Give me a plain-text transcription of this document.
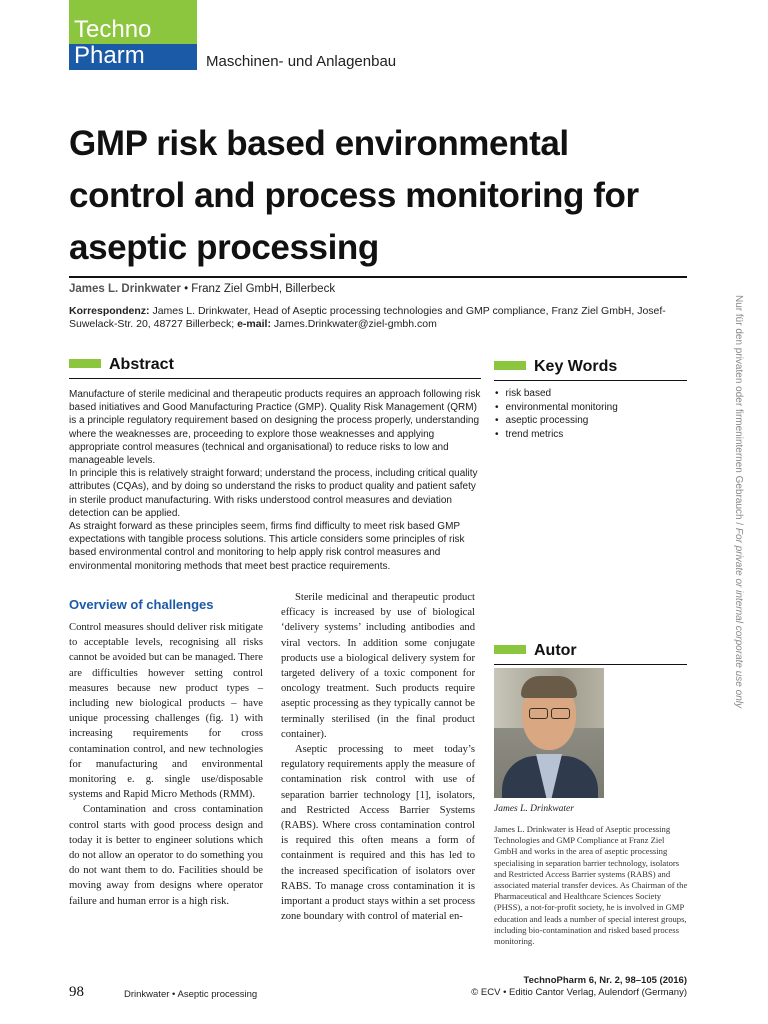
Techno
Pharm	Maschinen- und Anlagenbau
GMP risk based environmental control and process monitoring for aseptic processing
James L. Drinkwater • Franz Ziel GmbH, Billerbeck
Korrespondenz: James L. Drinkwater, Head of Aseptic processing technologies and GMP compliance, Franz Ziel GmbH, Josef-Suwelack-Str. 20, 48727 Billerbeck; e-mail: James.Drinkwater@ziel-gmbh.com
Abstract

Manufacture of sterile medicinal and therapeutic products requires an approach following risk based initiatives and Good Manufacturing Practice (GMP). Quality Risk Management (QRM) is a principle regulatory requirement based on designing the process properly, understanding where the weaknesses are, proceeding to explore those weaknesses and applying appropriate control measures (technical and organisational) to reduce risks to low and manageable levels.

In principle this is relatively straight forward; understand the process, including critical quality attributes (CQAs), and by doing so understand the risks to product quality and patient safety in sterile product manufacturing. With risks understood control measures and deviation detection can be applied.

As straight forward as these principles seem, firms find difficulty to meet risk based GMP expectations with tangible process solutions. This article considers some principles of risk based environmental control and monitoring to help apply risk control measures and environmental monitoring methods that meet best practice requirements.

Key Words
• risk based
• environmental monitoring
• aseptic processing
• trend metrics
Overview of challenges

Control measures should deliver risk mitigate to acceptable levels, recognising all risks cannot be avoided but can be managed. There are difficulties however setting control measures because new product types – including new biological products – have unique processing challenges (fig. 1) with increasing requirements for cross contamination control, and new technologies for manufacturing and environmental monitoring e. g. single use/disposable systems and Rapid Micro Methods (RMM).

Contamination and cross contamination control starts with good process design and today it is better to engineer solutions which do not allow an operator to do something you do not want them to do. Facilities should be moving away from designs where operator failure and human error is a high risk.

Sterile medicinal and therapeutic product efficacy is increased by use of biological ‘delivery systems’ including antibodies and viral vectors. In addition some conjugate products use a biological delivery system for targeted delivery of a toxic component for oncology treatment. Such products require aseptic processing as they typically cannot be terminally sterilised (in the final product container).

Aseptic processing to meet today’s regulatory requirements apply the measure of contamination risk control with use of separation barrier technology [1], isolators, and Restricted Access Barrier Systems (RABS). Where cross contamination control is required this often means a form of containment is required and this has led to the increased specification of isolators over RABS. To manage cross contamination it is important a product stays within a set process zone boundary with control of material en-

Autor
James L. Drinkwater
James L. Drinkwater is Head of Aseptic processing Technologies and GMP Compliance at Franz Ziel GmbH and works in the area of aseptic processing specialising in separation barrier technology, isolators and Restricted Access Barrier systems (RABS) and associated material transfer devices. As Chairman of the Pharmaceutical and Healthcare Sciences Society (PHSS), a not-for-profit society, he is involved in GMP education and leads a number of special interest groups, including bio-contamination and risked based process monitoring.
Nur für den privaten oder firmeninternen Gebrauch / For private or internal corporate use only
98	Drinkwater • Aseptic processing
TechnoPharm 6, Nr. 2, 98–105 (2016)
© ECV • Editio Cantor Verlag, Aulendorf (Germany)
